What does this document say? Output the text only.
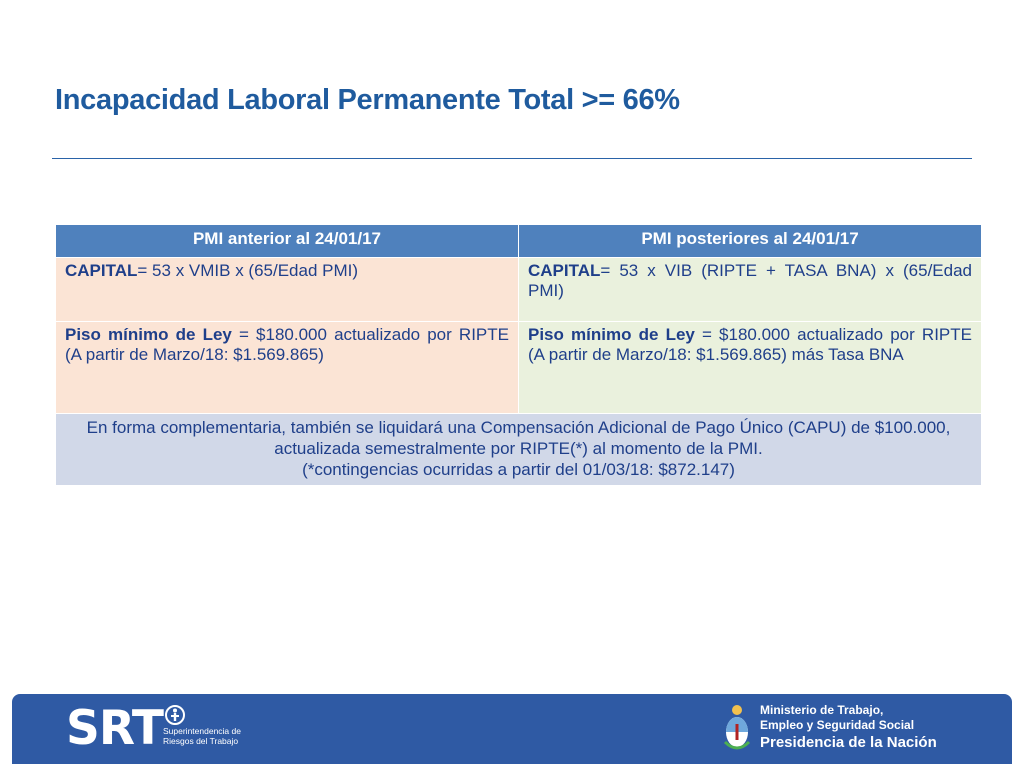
Incapacidad Laboral Permanente Total >= 66%
PMI anterior al 24/01/17	PMI posteriores al 24/01/17
CAPITAL= 53 x VMIB x (65/Edad PMI)	CAPITAL= 53 x VIB (RIPTE + TASA BNA) x (65/Edad PMI)
Piso mínimo de Ley = $180.000 actualizado por RIPTE (A partir de Marzo/18: $1.569.865)	Piso mínimo de Ley = $180.000 actualizado por RIPTE (A partir de Marzo/18: $1.569.865) más Tasa BNA

En forma complementaria, también se liquidará una Compensación Adicional de Pago Único (CAPU) de $100.000, actualizada semestralmente por RIPTE(*) al momento de la PMI.
(*contingencias ocurridas a partir del 01/03/18: $872.147)	
SRT Superintendencia de
Riesgos del Trabajo
Ministerio de Trabajo,
Empleo y Seguridad Social
Presidencia de la Nación
